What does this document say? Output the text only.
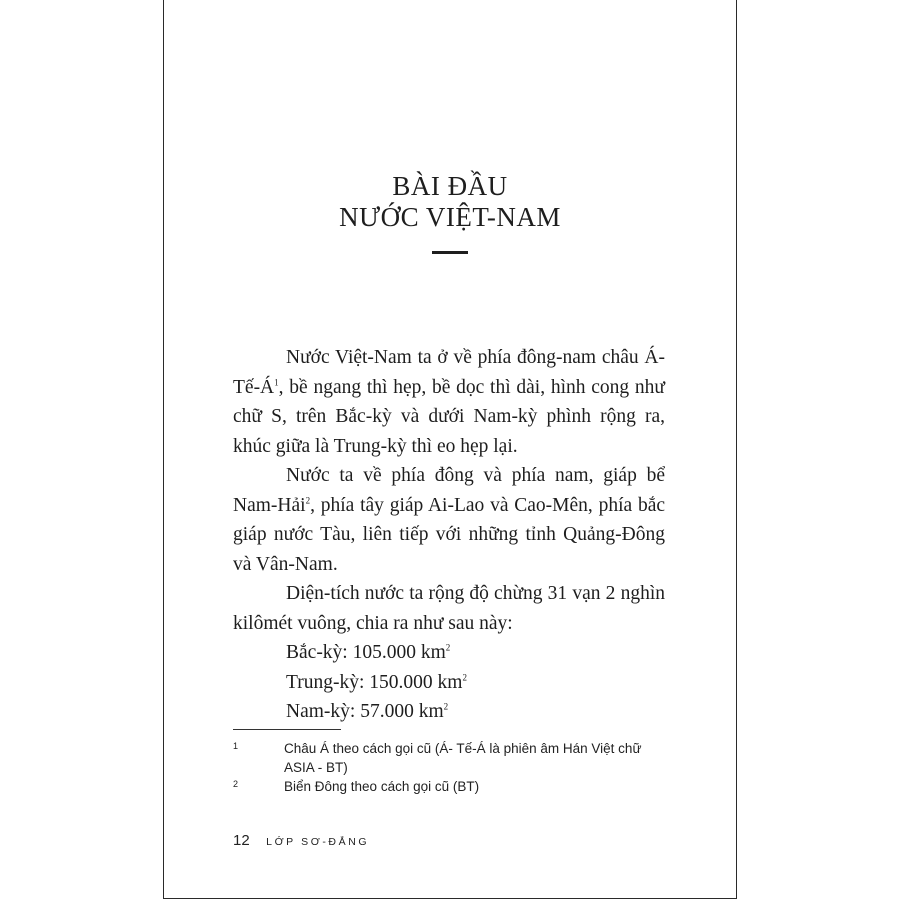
BÀI ĐẦU
NƯỚC VIỆT-NAM

Nước Việt-Nam ta ở về phía đông-nam châu Á-Tế-Á$^1$, bề ngang thì hẹp, bề dọc thì dài, hình cong như chữ S, trên Bắc-kỳ và dưới Nam-kỳ phình rộng ra, khúc giữa là Trung-kỳ thì eo hẹp lại.

Nước ta về phía đông và phía nam, giáp bể Nam-Hải$^2$, phía tây giáp Ai-Lao và Cao-Mên, phía bắc giáp nước Tàu, liên tiếp với những tỉnh Quảng-Đông và Vân-Nam.

Diện-tích nước ta rộng độ chừng 31 vạn 2 nghìn kilômét vuông, chia ra như sau này:

Bắc-kỳ: 105.000 km$^2$

Trung-kỳ: 150.000 km$^2$

Nam-kỳ: 57.000 km$^2$

1	Châu Á theo cách gọi cũ (Á- Tế-Á là phiên âm Hán Việt chữ ASIA - BT)
2	Biển Đông theo cách gọi cũ (BT)
12 LỚP SƠ-ĐẲNG
